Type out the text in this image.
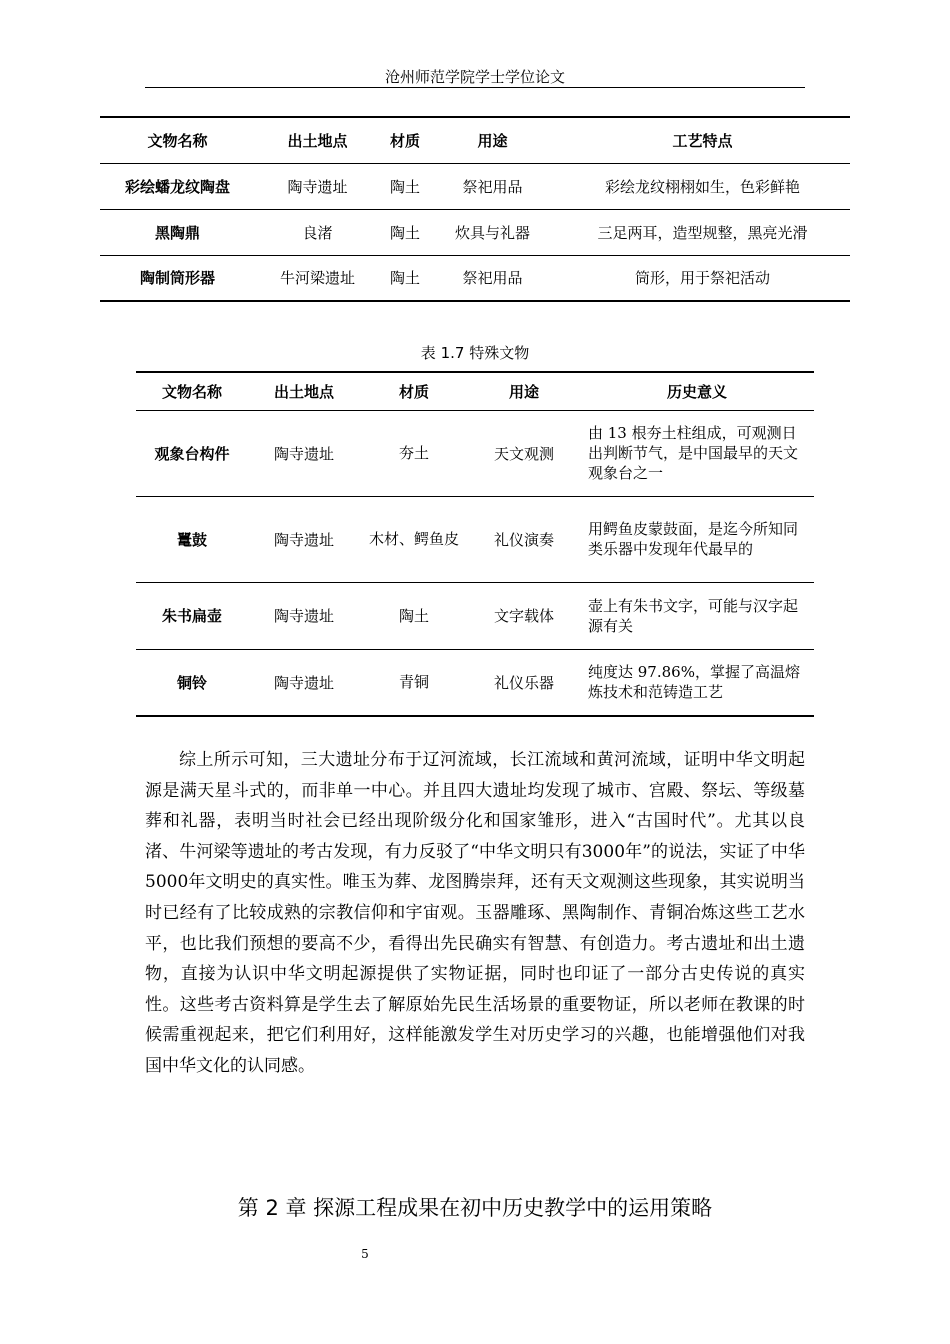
沧州师范学院学士学位论文
文物名称	出土地点	材质	用途	工艺特点
彩绘蟠龙纹陶盘	陶寺遗址	陶土	祭祀用品	彩绘龙纹栩栩如生，色彩鲜艳
黑陶鼎	良渚	陶土	炊具与礼器	三足两耳，造型规整，黑亮光滑
陶制筒形器	牛河梁遗址	陶土	祭祀用品	筒形，用于祭祀活动
表 1.7 特殊文物
文物名称	出土地点	材质	用途	历史意义
观象台构件	陶寺遗址	夯土	天文观测	由 13 根夯土柱组成，可观测日出判断节气，是中国最早的天文观象台之一
鼍鼓	陶寺遗址	木材、鳄鱼皮	礼仪演奏	用鳄鱼皮蒙鼓面，是迄今所知同类乐器中发现年代最早的
朱书扁壶	陶寺遗址	陶土	文字载体	壶上有朱书文字，可能与汉字起源有关
铜铃	陶寺遗址	青铜	礼仪乐器	纯度达 97.86%，掌握了高温熔炼技术和范铸造工艺

综上所示可知，三大遗址分布于辽河流域，长江流域和黄河流域，证明中华文明起源是满天星斗式的，而非单一中心。并且四大遗址均发现了城市、宫殿、祭坛、等级墓葬和礼器，表明当时社会已经出现阶级分化和国家雏形，进入“古国时代”。尤其以良渚、牛河梁等遗址的考古发现，有力反驳了“中华文明只有3000年”的说法，实证了中华5000年文明史的真实性。唯玉为葬、龙图腾崇拜，还有天文观测这些现象，其实说明当时已经有了比较成熟的宗教信仰和宇宙观。玉器雕琢、黑陶制作、青铜冶炼这些工艺水平，也比我们预想的要高不少，看得出先民确实有智慧、有创造力。考古遗址和出土遗物，直接为认识中华文明起源提供了实物证据，同时也印证了一部分古史传说的真实性。这些考古资料算是学生去了解原始先民生活场景的重要物证，所以老师在教课的时候需重视起来，把它们利用好，这样能激发学生对历史学习的兴趣，也能增强他们对我国中华文化的认同感。

第 2 章 探源工程成果在初中历史教学中的运用策略
5
